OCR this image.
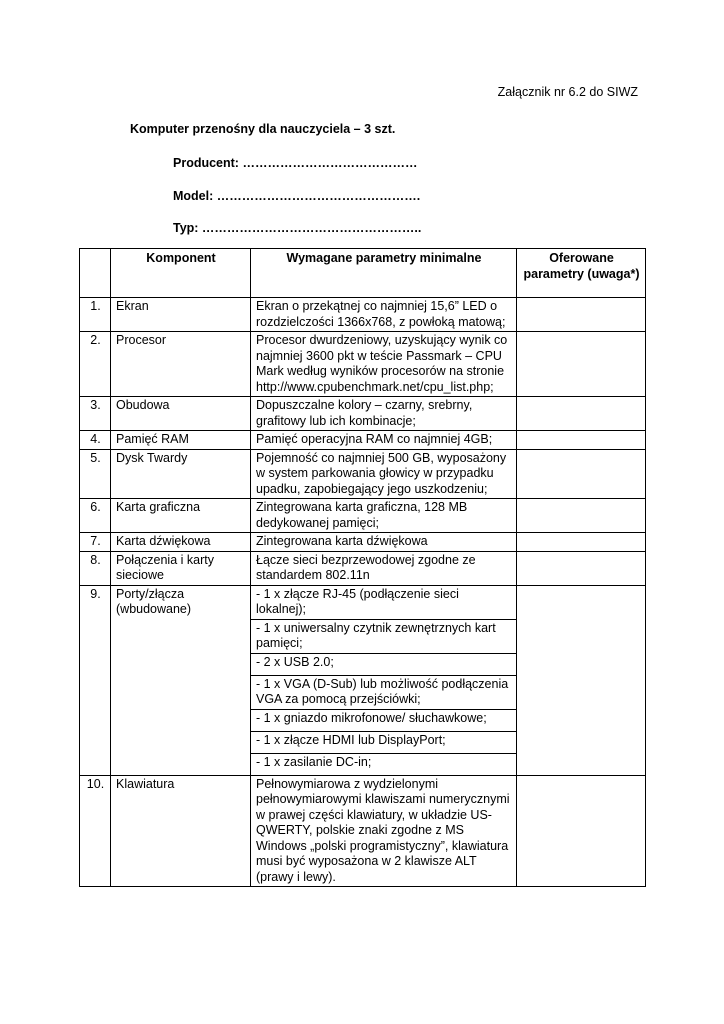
Załącznik nr 6.2 do SIWZ
Komputer przenośny dla nauczyciela – 3 szt.
Producent: ……………………………………
Model: ………………………………………….
Typ: ……………………………………………..
	Komponent	Wymagane parametry minimalne	Oferowane parametry (uwaga*)
1.	Ekran	Ekran o przekątnej co najmniej 15,6” LED o rozdzielczości 1366x768, z powłoką matową;	
2.	Procesor	Procesor dwurdzeniowy, uzyskujący wynik co najmniej 3600 pkt w teście Passmark – CPU Mark według wyników procesorów na stronie http://www.cpubenchmark.net/cpu_list.php;	
3.	Obudowa	Dopuszczalne kolory – czarny, srebrny, grafitowy lub ich kombinacje;	
4.	Pamięć RAM	Pamięć operacyjna RAM co najmniej 4GB;	
5.	Dysk Twardy	Pojemność co najmniej 500 GB, wyposażony w system parkowania głowicy w przypadku upadku, zapobiegający jego uszkodzeniu;	
6.	Karta graficzna	Zintegrowana karta graficzna, 128 MB dedykowanej pamięci;	
7.	Karta dźwiękowa	Zintegrowana karta dźwiękowa	
8.	Połączenia i karty sieciowe	Łącze sieci bezprzewodowej zgodne ze standardem 802.11n	
9.	Porty/złącza (wbudowane)	- 1 x złącze RJ-45 (podłączenie sieci lokalnej);	
		- 1 x uniwersalny czytnik zewnętrznych kart pamięci;	
		- 2 x USB 2.0;	
		- 1 x VGA (D-Sub) lub możliwość podłączenia VGA za pomocą przejściówki;	
		- 1 x gniazdo mikrofonowe/ słuchawkowe;	
		- 1 x złącze HDMI lub DisplayPort;	
		- 1 x zasilanie DC-in;	
10.	Klawiatura	Pełnowymiarowa z wydzielonymi pełnowymiarowymi klawiszami numerycznymi w prawej części klawiatury, w układzie US-QWERTY, polskie znaki zgodne z MS Windows „polski programistyczny”, klawiatura musi być wyposażona w 2 klawisze ALT (prawy i lewy).	
